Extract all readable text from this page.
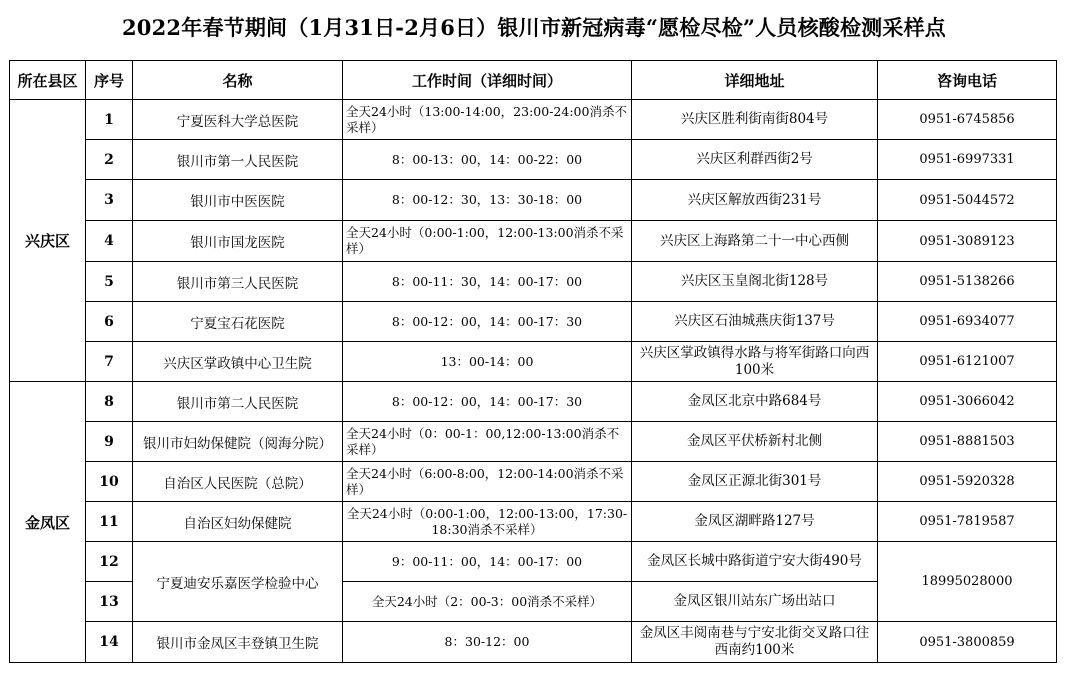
2022年春节期间（1月31日-2月6日）银川市新冠病毒“愿检尽检”人员核酸检测采样点
所在县区	序号	名称	工作时间（详细时间）	详细地址	咨询电话
兴庆区	1	宁夏医科大学总医院	全天24小时（13:00-14:00，23:00-24:00消杀不采样）	兴庆区胜利街南街804号	0951-6745856
	2	银川市第一人民医院	8：00-13：00，14：00-22：00	兴庆区利群西街2号	0951-6997331
	3	银川市中医医院	8：00-12：30，13：30-18：00	兴庆区解放西街231号	0951-5044572
	4	银川市国龙医院	全天24小时（0:00-1:00，12:00-13:00消杀不采样）	兴庆区上海路第二十一中心西侧	0951-3089123
	5	银川市第三人民医院	8：00-11：30，14：00-17：00	兴庆区玉皇阁北街128号	0951-5138266
	6	宁夏宝石花医院	8：00-12：00，14：00-17：30	兴庆区石油城燕庆街137号	0951-6934077
	7	兴庆区掌政镇中心卫生院	13：00-14：00	兴庆区掌政镇得水路与将军街路口向西100米	0951-6121007
金凤区	8	银川市第二人民医院	8：00-12：00，14：00-17：30	金凤区北京中路684号	0951-3066042
	9	银川市妇幼保健院（阅海分院）	全天24小时（0：00-1：00,12:00-13:00消杀不采样）	金凤区平伏桥新村北侧	0951-8881503
	10	自治区人民医院（总院）	全天24小时（6:00-8:00，12:00-14:00消杀不采样）	金凤区正源北街301号	0951-5920328
	11	自治区妇幼保健院	全天24小时（0:00-1:00，12:00-13:00，17:30-18:30消杀不采样）	金凤区湖畔路127号	0951-7819587
	12	宁夏迪安乐嘉医学检验中心	9：00-11：00，14：00-17：00	金凤区长城中路街道宁安大街490号	18995028000
	13		全天24小时（2：00-3：00消杀不采样）	金凤区银川站东广场出站口	
	14	银川市金凤区丰登镇卫生院	8：30-12：00	金凤区丰阅南巷与宁安北街交叉路口往西南约100米	0951-3800859
